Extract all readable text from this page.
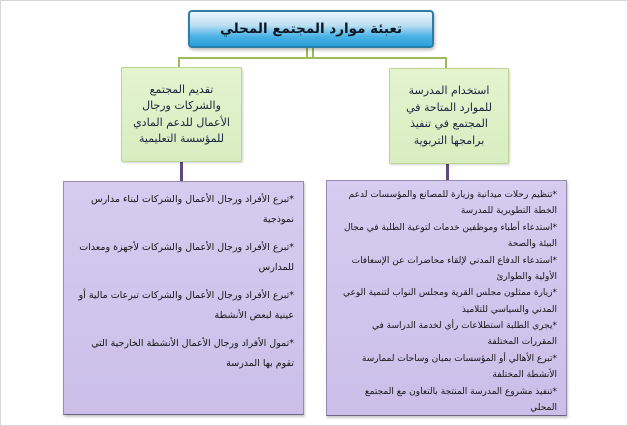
تعبئة موارد المجتمع المحلي
تقديم المجتمع والشركات ورجال الأعمال للدعم المادي للمؤسسة التعليمية
استخدام المدرسة للموارد المتاحة في المجتمع في تنفيذ برامجها التربوية

*تبرع الأفراد ورجال الأعمال والشركات لبناء مدارس نموذجية

*تبرع الأفراد ورجال الأعمال والشركات لأجهزة ومعدات للمدارس

*تبرع الأفراد ورجال الأعمال والشركات تبرعات مالية أو عينية لبعض الأنشطة

*تمول الأفراد ورجال الأعمال الأنشطة الخارجية التي تقوم بها المدرسة

*تنظيم رحلات ميدانية وزيارة للمصانع والمؤسسات لدعم الخطة التطويرية للمدرسة

*استدعاء أطباء وموظفين خدمات لتوعية الطلبة في مجال البيئة والصحة

*استدعاء الدفاع المدني لإلقاء محاضرات عن الإسعافات الأولية والطوارئ

*زيارة ممثلون مجلس القرية ومجلس النواب لتنمية الوعي المدني والسياسي للتلاميذ

*يجري الطلبة استطلاعات رأي لخدمة الدراسة في المقررات المختلفة

*تبرع الأهالي أو المؤسسات بمبان وساحات لممارسة الأنشطة المختلفة

*تنفيذ مشروع المدرسة المنتجة بالتعاون مع المجتمع المحلي
